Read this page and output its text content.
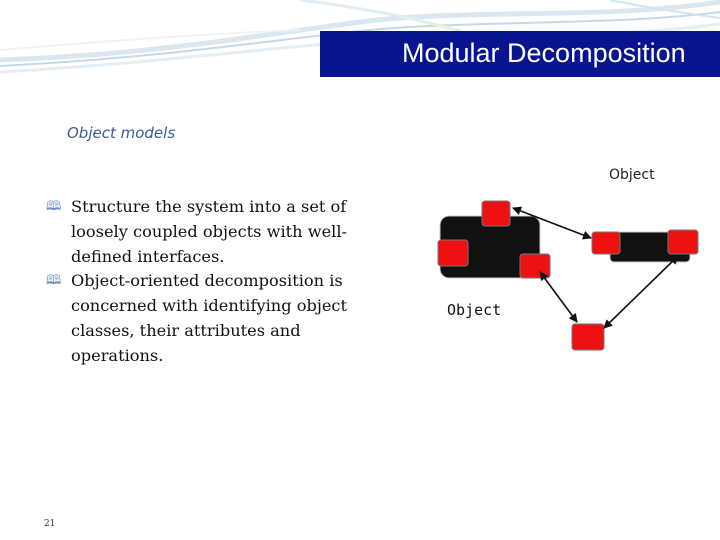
Modular Decomposition
Object models
🕮 Structure the system into a set of loosely coupled objects with well-defined interfaces.
🕮 Object-oriented decomposition is concerned with identifying object classes, their attributes and operations.
Object
Object
21
